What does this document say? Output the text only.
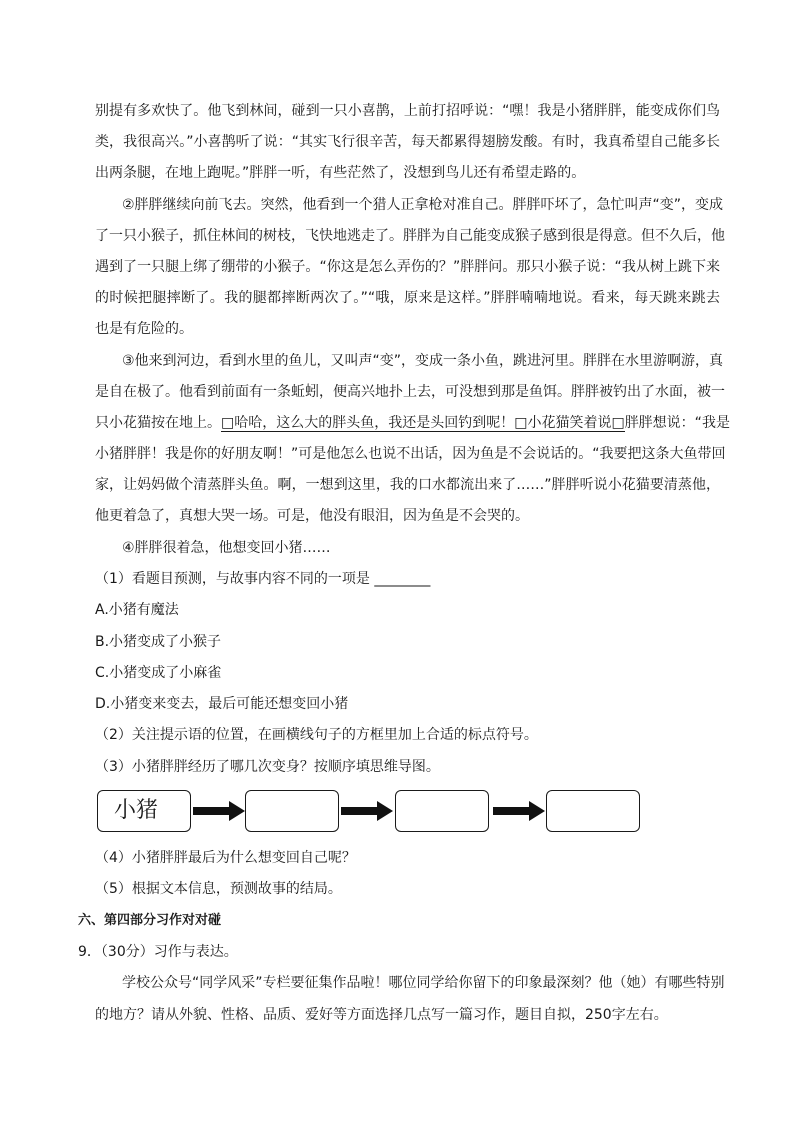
别提有多欢快了。他飞到林间，碰到一只小喜鹊，上前打招呼说：“嘿！我是小猪胖胖，能变成你们鸟
类，我很高兴。”小喜鹊听了说：“其实飞行很辛苦，每天都累得翅膀发酸。有时，我真希望自己能多长
出两条腿，在地上跑呢。”胖胖一听，有些茫然了，没想到鸟儿还有希望走路的。
②胖胖继续向前飞去。突然，他看到一个猎人正拿枪对准自己。胖胖吓坏了，急忙叫声“变”，变成
了一只小猴子，抓住林间的树枝，飞快地逃走了。胖胖为自己能变成猴子感到很是得意。但不久后，他
遇到了一只腿上绑了绷带的小猴子。“你这是怎么弄伤的？”胖胖问。那只小猴子说：“我从树上跳下来
的时候把腿摔断了。我的腿都摔断两次了。”“哦，原来是这样。”胖胖喃喃地说。看来，每天跳来跳去
也是有危险的。
③他来到河边，看到水里的鱼儿，又叫声“变”，变成一条小鱼，跳进河里。胖胖在水里游啊游，真
是自在极了。他看到前面有一条蚯蚓，便高兴地扑上去，可没想到那是鱼饵。胖胖被钓出了水面，被一
只小花猫按在地上。□哈哈，这么大的胖头鱼，我还是头回钓到呢！□小花猫笑着说□胖胖想说：“我是
小猪胖胖！我是你的好朋友啊！”可是他怎么也说不出话，因为鱼是不会说话的。“我要把这条大鱼带回
家，让妈妈做个清蒸胖头鱼。啊，一想到这里，我的口水都流出来了……”胖胖听说小花猫要清蒸他，
他更着急了，真想大哭一场。可是，他没有眼泪，因为鱼是不会哭的。
④胖胖很着急，他想变回小猪……
（1）看题目预测，与故事内容不同的一项是 ________
A.小猪有魔法
B.小猪变成了小猴子
C.小猪变成了小麻雀
D.小猪变来变去，最后可能还想变回小猪
（2）关注提示语的位置，在画横线句子的方框里加上合适的标点符号。
（3）小猪胖胖经历了哪几次变身？按顺序填思维导图。
小猪
（4）小猪胖胖最后为什么想变回自己呢？
（5）根据文本信息，预测故事的结局。
六、第四部分习作对对碰
9．（30分）习作与表达。
学校公众号“同学风采”专栏要征集作品啦！哪位同学给你留下的印象最深刻？他（她）有哪些特别
的地方？请从外貌、性格、品质、爱好等方面选择几点写一篇习作，题目自拟，250字左右。
